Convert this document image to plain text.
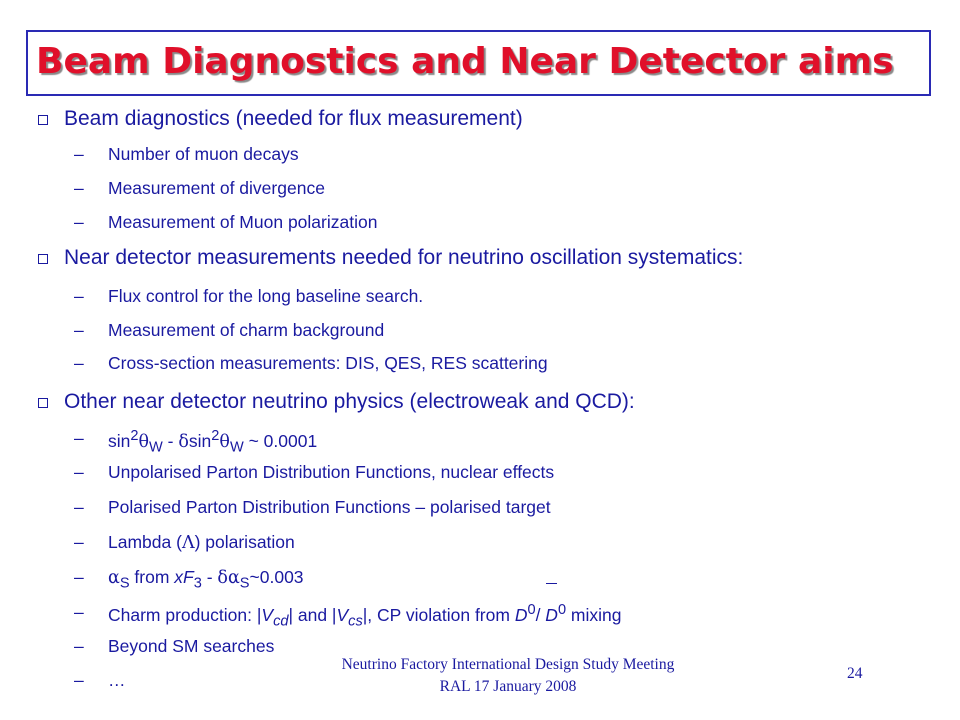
Beam Diagnostics and Near Detector aims
Beam diagnostics (needed for flux measurement)
– Number of muon decays
– Measurement of divergence
– Measurement of Muon polarization
Near detector measurements needed for neutrino oscillation systematics:
– Flux control for the long baseline search.
– Measurement of charm background
– Cross-section measurements: DIS, QES, RES scattering
Other near detector neutrino physics (electroweak and QCD):
– $\sin^2\theta_W - \delta\sin^2\theta_W$ ~ 0.0001
– Unpolarised Parton Distribution Functions, nuclear effects
– Polarised Parton Distribution Functions – polarised target
– Lambda (Λ) polarisation
– $\alpha_S$ from $xF_3$ - $\delta\alpha_S\sim 0.003$
– Charm production: $|V_{cd}|$ and $|V_{cs}|$, CP violation from $D^0/$ $D^0$ mixing
– Beyond SM searches
– …
Neutrino Factory International Design Study Meeting
RAL 17 January 2008
24
